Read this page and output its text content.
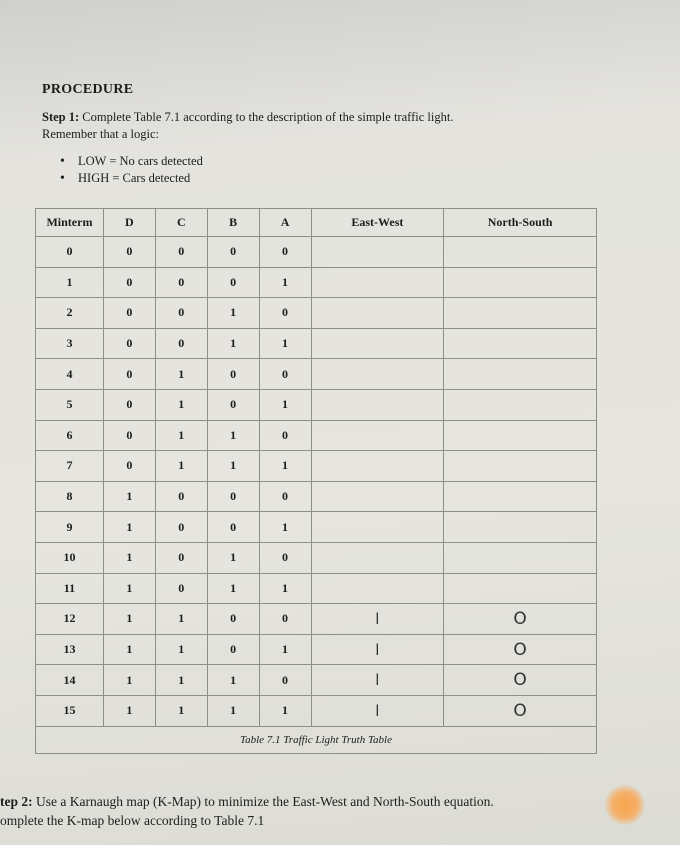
PROCEDURE
Step 1: Complete Table 7.1 according to the description of the simple traffic light.
Remember that a logic:
• LOW = No cars detected
• HIGH = Cars detected
Minterm	D	C	B	A	East-West	North-South
0	0	0	0	0		
1	0	0	0	1		
2	0	0	1	0		
3	0	0	1	1		
4	0	1	0	0		
5	0	1	0	1		
6	0	1	1	0		
7	0	1	1	1		
8	1	0	0	0		
9	1	0	0	1		
10	1	0	1	0		
11	1	0	1	1		
12	1	1	0	0	l	O
13	1	1	0	1	l	O
14	1	1	1	0	l	O
15	1	1	1	1	l	O
Table 7.1 Traffic Light Truth Table						
tep 2: Use a Karnaugh map (K-Map) to minimize the East-West and North-South equation.
omplete the K-map below according to Table 7.1
